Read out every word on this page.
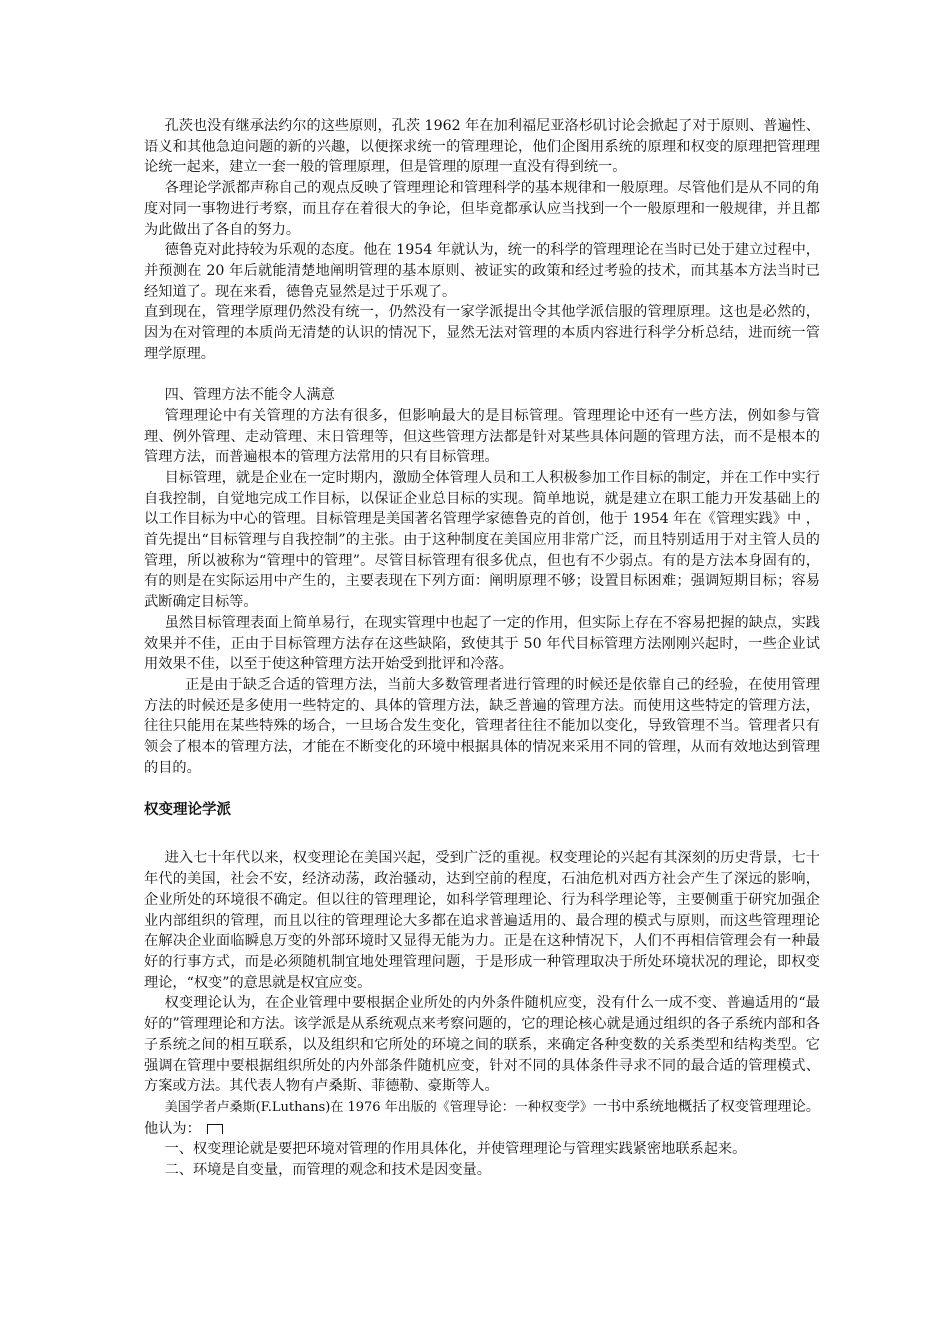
孔茨也没有继承法约尔的这些原则，孔茨 1962 年在加利福尼亚洛杉矶讨论会掀起了对于原则、普遍性、语义和其他急迫问题的新的兴趣，以便探求统一的管理理论，他们企图用系统的原理和权变的原理把管理理论统一起来，建立一套一般的管理原理，但是管理的原理一直没有得到统一。

各理论学派都声称自己的观点反映了管理理论和管理科学的基本规律和一般原理。尽管他们是从不同的角度对同一事物进行考察，而且存在着很大的争论，但毕竟都承认应当找到一个一般原理和一般规律，并且都为此做出了各自的努力。

德鲁克对此持较为乐观的态度。他在 1954 年就认为，统一的科学的管理理论在当时已处于建立过程中，并预测在 20 年后就能清楚地阐明管理的基本原则、被证实的政策和经过考验的技术，而其基本方法当时已经知道了。现在来看，德鲁克显然是过于乐观了。

直到现在，管理学原理仍然没有统一，仍然没有一家学派提出令其他学派信服的管理原理。这也是必然的，因为在对管理的本质尚无清楚的认识的情况下，显然无法对管理的本质内容进行科学分析总结，进而统一管理学原理。

四、管理方法不能令人满意

管理理论中有关管理的方法有很多，但影响最大的是目标管理。管理理论中还有一些方法，例如参与管理、例外管理、走动管理、末日管理等，但这些管理方法都是针对某些具体问题的管理方法，而不是根本的管理方法，而普遍根本的管理方法常用的只有目标管理。

目标管理，就是企业在一定时期内，激励全体管理人员和工人积极参加工作目标的制定，并在工作中实行自我控制，自觉地完成工作目标，以保证企业总目标的实现。简单地说，就是建立在职工能力开发基础上的以工作目标为中心的管理。目标管理是美国著名管理学家德鲁克的首创，他于 1954 年在《管理实践》中 ，首先提出“目标管理与自我控制”的主张。由于这种制度在美国应用非常广泛，而且特别适用于对主管人员的管理，所以被称为“管理中的管理”。尽管目标管理有很多优点，但也有不少弱点。有的是方法本身固有的，有的则是在实际运用中产生的，主要表现在下列方面：阐明原理不够；设置目标困难；强调短期目标；容易武断确定目标等。

虽然目标管理表面上简单易行，在现实管理中也起了一定的作用，但实际上存在不容易把握的缺点，实践效果并不佳，正由于目标管理方法存在这些缺陷，致使其于 50 年代目标管理方法刚刚兴起时，一些企业试用效果不佳，以至于使这种管理方法开始受到批评和冷落。

正是由于缺乏合适的管理方法，当前大多数管理者进行管理的时候还是依靠自己的经验，在使用管理方法的时候还是多使用一些特定的、具体的管理方法，缺乏普遍的管理方法。而使用这些特定的管理方法，往往只能用在某些特殊的场合，一旦场合发生变化，管理者往往不能加以变化，导致管理不当。管理者只有领会了根本的管理方法，才能在不断变化的环境中根据具体的情况来采用不同的管理，从而有效地达到管理的目的。

权变理论学派

进入七十年代以来，权变理论在美国兴起，受到广泛的重视。权变理论的兴起有其深刻的历史背景，七十年代的美国，社会不安，经济动荡，政治骚动，达到空前的程度，石油危机对西方社会产生了深远的影响，企业所处的环境很不确定。但以往的管理理论，如科学管理理论、行为科学理论等，主要侧重于研究加强企业内部组织的管理，而且以往的管理理论大多都在追求普遍适用的、最合理的模式与原则，而这些管理理论在解决企业面临瞬息万变的外部环境时又显得无能为力。正是在这种情况下，人们不再相信管理会有一种最好的行事方式，而是必须随机制宜地处理管理问题，于是形成一种管理取决于所处环境状况的理论，即权变理论，“权变”的意思就是权宜应变。

权变理论认为，在企业管理中要根据企业所处的内外条件随机应变，没有什么一成不变、普遍适用的“最好的”管理理论和方法。该学派是从系统观点来考察问题的，它的理论核心就是通过组织的各子系统内部和各子系统之间的相互联系，以及组织和它所处的环境之间的联系，来确定各种变数的关系类型和结构类型。它强调在管理中要根据组织所处的内外部条件随机应变，针对不同的具体条件寻求不同的最合适的管理模式、方案或方法。其代表人物有卢桑斯、菲德勒、豪斯等人。

美国学者卢桑斯(F.Luthans)在 1976 年出版的《管理导论：一种权变学》一书中系统地概括了权变管理理论。他认为：

一、权变理论就是要把环境对管理的作用具体化，并使管理理论与管理实践紧密地联系起来。

二、环境是自变量，而管理的观念和技术是因变量。
